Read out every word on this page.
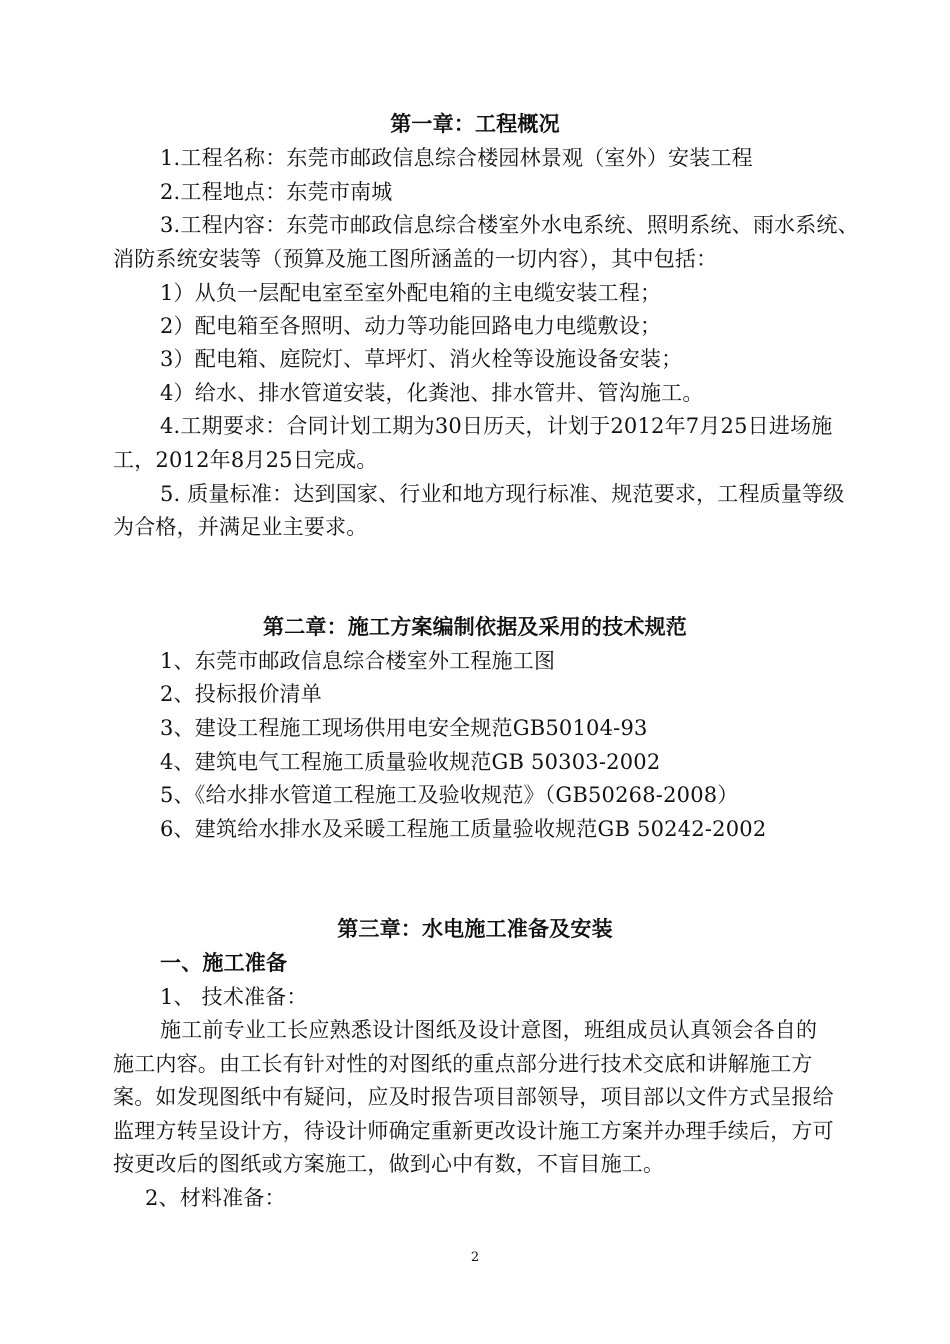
第一章：工程概况
1.工程名称：东莞市邮政信息综合楼园林景观（室外）安装工程
2.工程地点：东莞市南城
3.工程内容：东莞市邮政信息综合楼室外水电系统、照明系统、雨水系统、
消防系统安装等（预算及施工图所涵盖的一切内容），其中包括：
1）从负一层配电室至室外配电箱的主电缆安装工程；
2）配电箱至各照明、动力等功能回路电力电缆敷设；
3）配电箱、庭院灯、草坪灯、消火栓等设施设备安装；
4）给水、排水管道安装，化粪池、排水管井、管沟施工。
4.工期要求：合同计划工期为30日历天，计划于2012年7月25日进场施
工，2012年8月25日完成。
5. 质量标准：达到国家、行业和地方现行标准、规范要求，工程质量等级
为合格，并满足业主要求。
第二章：施工方案编制依据及采用的技术规范
1、东莞市邮政信息综合楼室外工程施工图
2、投标报价清单
3、建设工程施工现场供用电安全规范GB50104-93
4、建筑电气工程施工质量验收规范GB 50303-2002
5、《给水排水管道工程施工及验收规范》（GB50268-2008）
6、建筑给水排水及采暖工程施工质量验收规范GB 50242-2002
第三章：水电施工准备及安装
一、施工准备
1、 技术准备：
施工前专业工长应熟悉设计图纸及设计意图，班组成员认真领会各自的
施工内容。由工长有针对性的对图纸的重点部分进行技术交底和讲解施工方
案。如发现图纸中有疑问，应及时报告项目部领导，项目部以文件方式呈报给
监理方转呈设计方，待设计师确定重新更改设计施工方案并办理手续后，方可
按更改后的图纸或方案施工，做到心中有数，不盲目施工。
2、材料准备：
2
